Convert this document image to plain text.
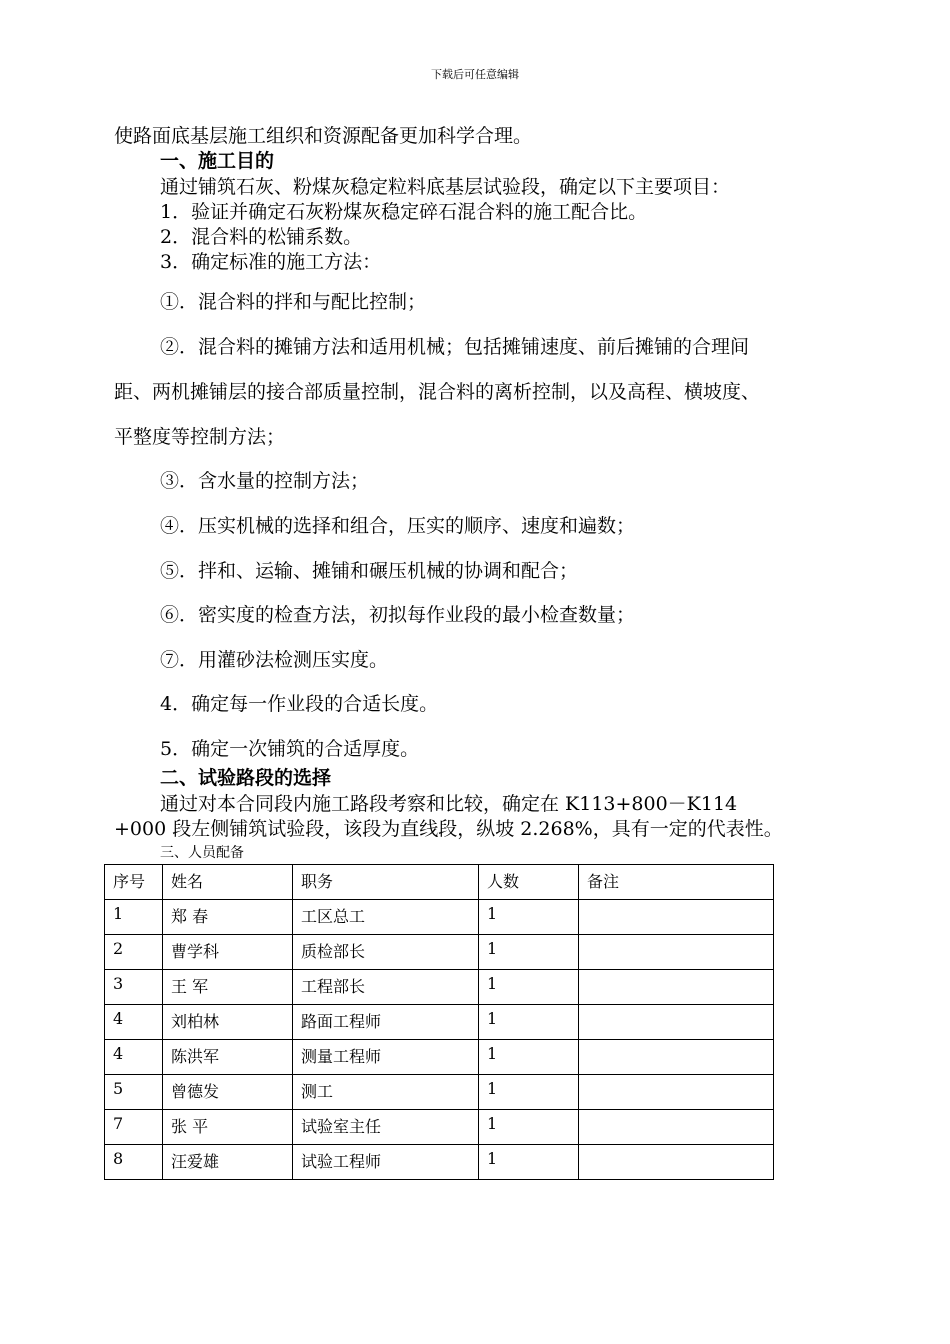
下载后可任意编辑
使路面底基层施工组织和资源配备更加科学合理。
一、施工目的
通过铺筑石灰、粉煤灰稳定粒料底基层试验段，确定以下主要项目：
1．验证并确定石灰粉煤灰稳定碎石混合料的施工配合比。
2．混合料的松铺系数。
3．确定标准的施工方法：
①．混合料的拌和与配比控制；
②．混合料的摊铺方法和适用机械；包括摊铺速度、前后摊铺的合理间
距、两机摊铺层的接合部质量控制，混合料的离析控制，以及高程、横坡度、
平整度等控制方法；
③．含水量的控制方法；
④．压实机械的选择和组合，压实的顺序、速度和遍数；
⑤．拌和、运输、摊铺和碾压机械的协调和配合；
⑥．密实度的检查方法，初拟每作业段的最小检查数量；
⑦．用灌砂法检测压实度。
4．确定每一作业段的合适长度。
5．确定一次铺筑的合适厚度。
二、试验路段的选择
通过对本合同段内施工路段考察和比较，确定在 K113+800－K114
+000 段左侧铺筑试验段，该段为直线段，纵坡 2.268%，具有一定的代表性。
三、人员配备
序号	姓名	职务	人数	备注
1	郑 春	工区总工	1	
2	曹学科	质检部长	1	
3	王 军	工程部长	1	
4	刘柏林	路面工程师	1	
4	陈洪军	测量工程师	1	
5	曾德发	测工	1	
7	张 平	试验室主任	1	
8	汪爱雄	试验工程师	1	
